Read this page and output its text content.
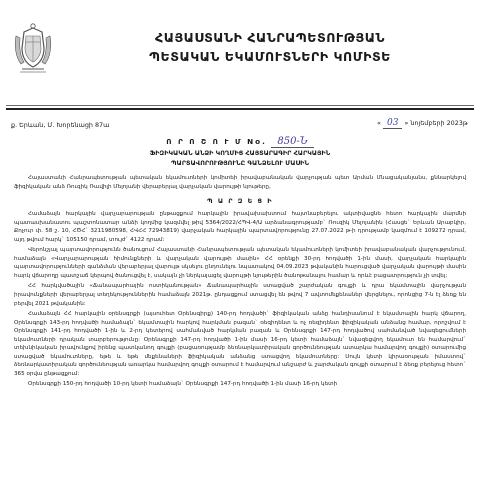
ՀԱՅԱՍՏԱՆԻ ՀԱՆՐԱՊԵՏՈՒԹՅԱՆ
ՊԵՏԱԿԱՆ ԵԿԱՄՈՒՏՆԵՐԻ ԿՈՄԻՏԵ
ք. Երևան, Մ. Խորենացի 87ա	« 03 » նոյեմբերի 2023թ
Ո Ր Ո Շ Ո Ւ Մ No. 850-Ն
ՖԻԶԻԿԱԿԱՆ ԱՆՁԻ ԿՈՂՄԻՑ ՀԱՅՏԱՐԱԳԻՐ ՀԱՐԿԱՅԻՆ
ՊԱՐՏԱՎՈՐՈՒԹՅՈՒՆԸ ԳԱՆՁԵԼՈՒ ՄԱՍԻՆ

Հայաստանի Հանրապետության պետական եկամուտների կոմիտեի իրավաբանական վարչության պետ Արման Մնացականյանս, քննարկելով ֆիզիկական անձ Ռուզիկ Ռավիլի Մելոյանի վերաբերյալ վարչական վարույթի նյութերը,

Պ Ա Ր Զ Ե Ց Ի

Համաձայն հարկային վարչարարության ընթացքում հարկային իրավախախտում հայտնաբերելու ակտիվացնե հետո հարկային մարմնի պատասխանատու պաշտոնատար անձի կողմից կազմվել թիվ 5364/2022/ՀՊՎ-4/Ա արձանագրությամբ` Ռուզիկ Մելոյանին (Հասցե` Երևան Արաբկիր, Քոչուր փ. 58 շ. 10, ՀԾՀ` 3211980598, ՀՎՀՀ 72943819) վարչական հարկային պարտավորությունը 27.07.2022 թ-ի դրությամբ կազմում է 109272 դրամ, այդ թվում հարկ` 105150 դրամ, տույժ` 4122 դրամ:

Վերոնշյալ պարտավորությունն ծանուցում Հայաստանի Հանրապետության պետական եկամուտների կոմիտեի իրավաբանական վարչությունում, համաձայն «Վարչարարության հիմունքների և վարչական վարույթի մասին» ՀՀ օրենքի 30-րդ հոդվածի 1-ին մասի, վարչական հարկային պարտավորությունների գանձման վերաբերյալ վարույթ սկսելու ընդունելու նպատակով 04.09.2023 թվականին հարուցված վարչական վարույթի մասին հարկ վճարողը պատշաճ կերպով ծանուցվել է, սակայն չի ներկայացել վարույթի նյութերին ծանոթանալու համար և որևէ բացատրություն չի տվել:

ՀՀ հարկվածային «Ճանապարհային ոստիկանության» Ճանապարհային ստացված շարժական գույքի և դրա եկամտային վարչության իրավունքների վերաբերյալ տեղեկություններին համաձայն 2021թ. ընդացքում ստացվել են թվով 7 ավտոմեքենաներ վերցնելու, որոնցից 7-ն էլ ձեռք են բերվել 2021 թվականին:

Համաձայն ՀՀ հարկային օրենսգրքի (այսուհետ Օրենսգիրք) 140-րդ հոդվածի` ֆիզիկական անձը հանդիսանում է եկամտային հարկ վճարող, Օրենսգրքի 143-րդ հոդվածի համաձայն` եկամտային հարկով հարկման բազան` ռեզիդենտ և ոչ ռեզիդենտ ֆիզիկական անձանց համար, որոշվում է Օրենսգրքի 141-րդ հոդվածի 1-ին և 2-րդ կետերով սահմանված հարկման բազան և Օրենսգրքի 147-րդ հոդվածով սահմանված նվազեցումների եկամուտների դրական տարբերությունը: Օրենսգրքի 147-րդ հոդվածի 1-ին մասի 16-րդ կետի համաձայն` նվազեցվող եկամուտ են համարվում` տեխնիկական իրավունքով իրենց պատկանող գույքի (բացառությամբ ձեռնարկատիրական գործունեության ատարկա համարվող գույքի) օտարումից ստացված եկամուտները, եթե և եթե մեքենաների ֆիզիկական անձանց ստացվող եկամուտները: Սույն կետի կիրառության իմաստով` ձեռնարկատիրական գործունեության առարկա համարվող գույքի օտարում է համարվում անշարժ և շարժական գույքի օտարում է ձեռք բերելուց հետո` 365 օրվա ընթացքում:

Օրենսգրքի 150-րդ հոդվածի 10-րդ կետի համաձայն` Օրենսգրքի 147-րդ հոդվածի 1-ին մասի 16-րդ կետի
